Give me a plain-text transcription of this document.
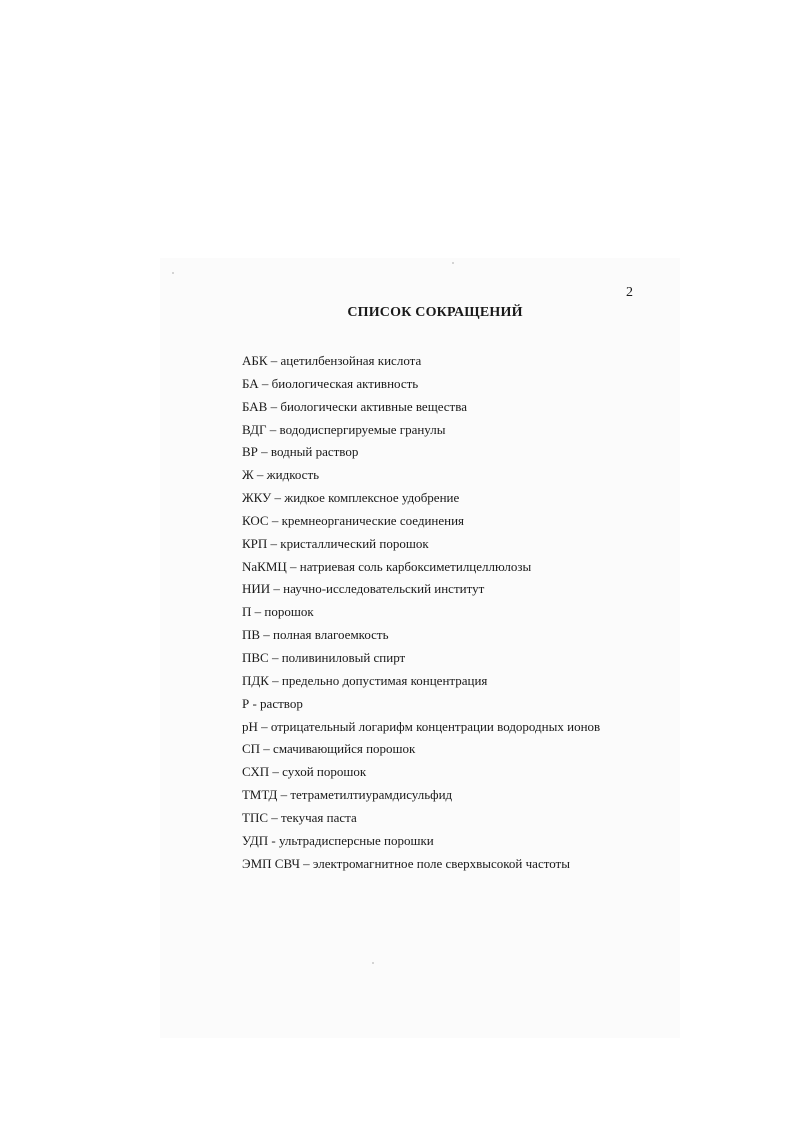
2
СПИСОК СОКРАЩЕНИЙ
АБК – ацетилбензойная кислота
БА – биологическая активность
БАВ – биологически активные вещества
ВДГ – вододиспергируемые гранулы
ВР – водный раствор
Ж – жидкость
ЖКУ – жидкое комплексное удобрение
КОС – кремнеорганические соединения
КРП – кристаллический порошок
NaКМЦ – натриевая соль карбоксиметилцеллюлозы
НИИ – научно-исследовательский институт
П – порошок
ПВ – полная влагоемкость
ПВС – поливиниловый спирт
ПДК – предельно допустимая концентрация
Р - раствор
pH – отрицательный логарифм концентрации водородных ионов
СП – смачивающийся порошок
СХП – сухой порошок
ТМТД – тетраметилтиурамдисульфид
ТПС – текучая паста
УДП - ультрадисперсные порошки
ЭМП СВЧ – электромагнитное поле сверхвысокой частоты
